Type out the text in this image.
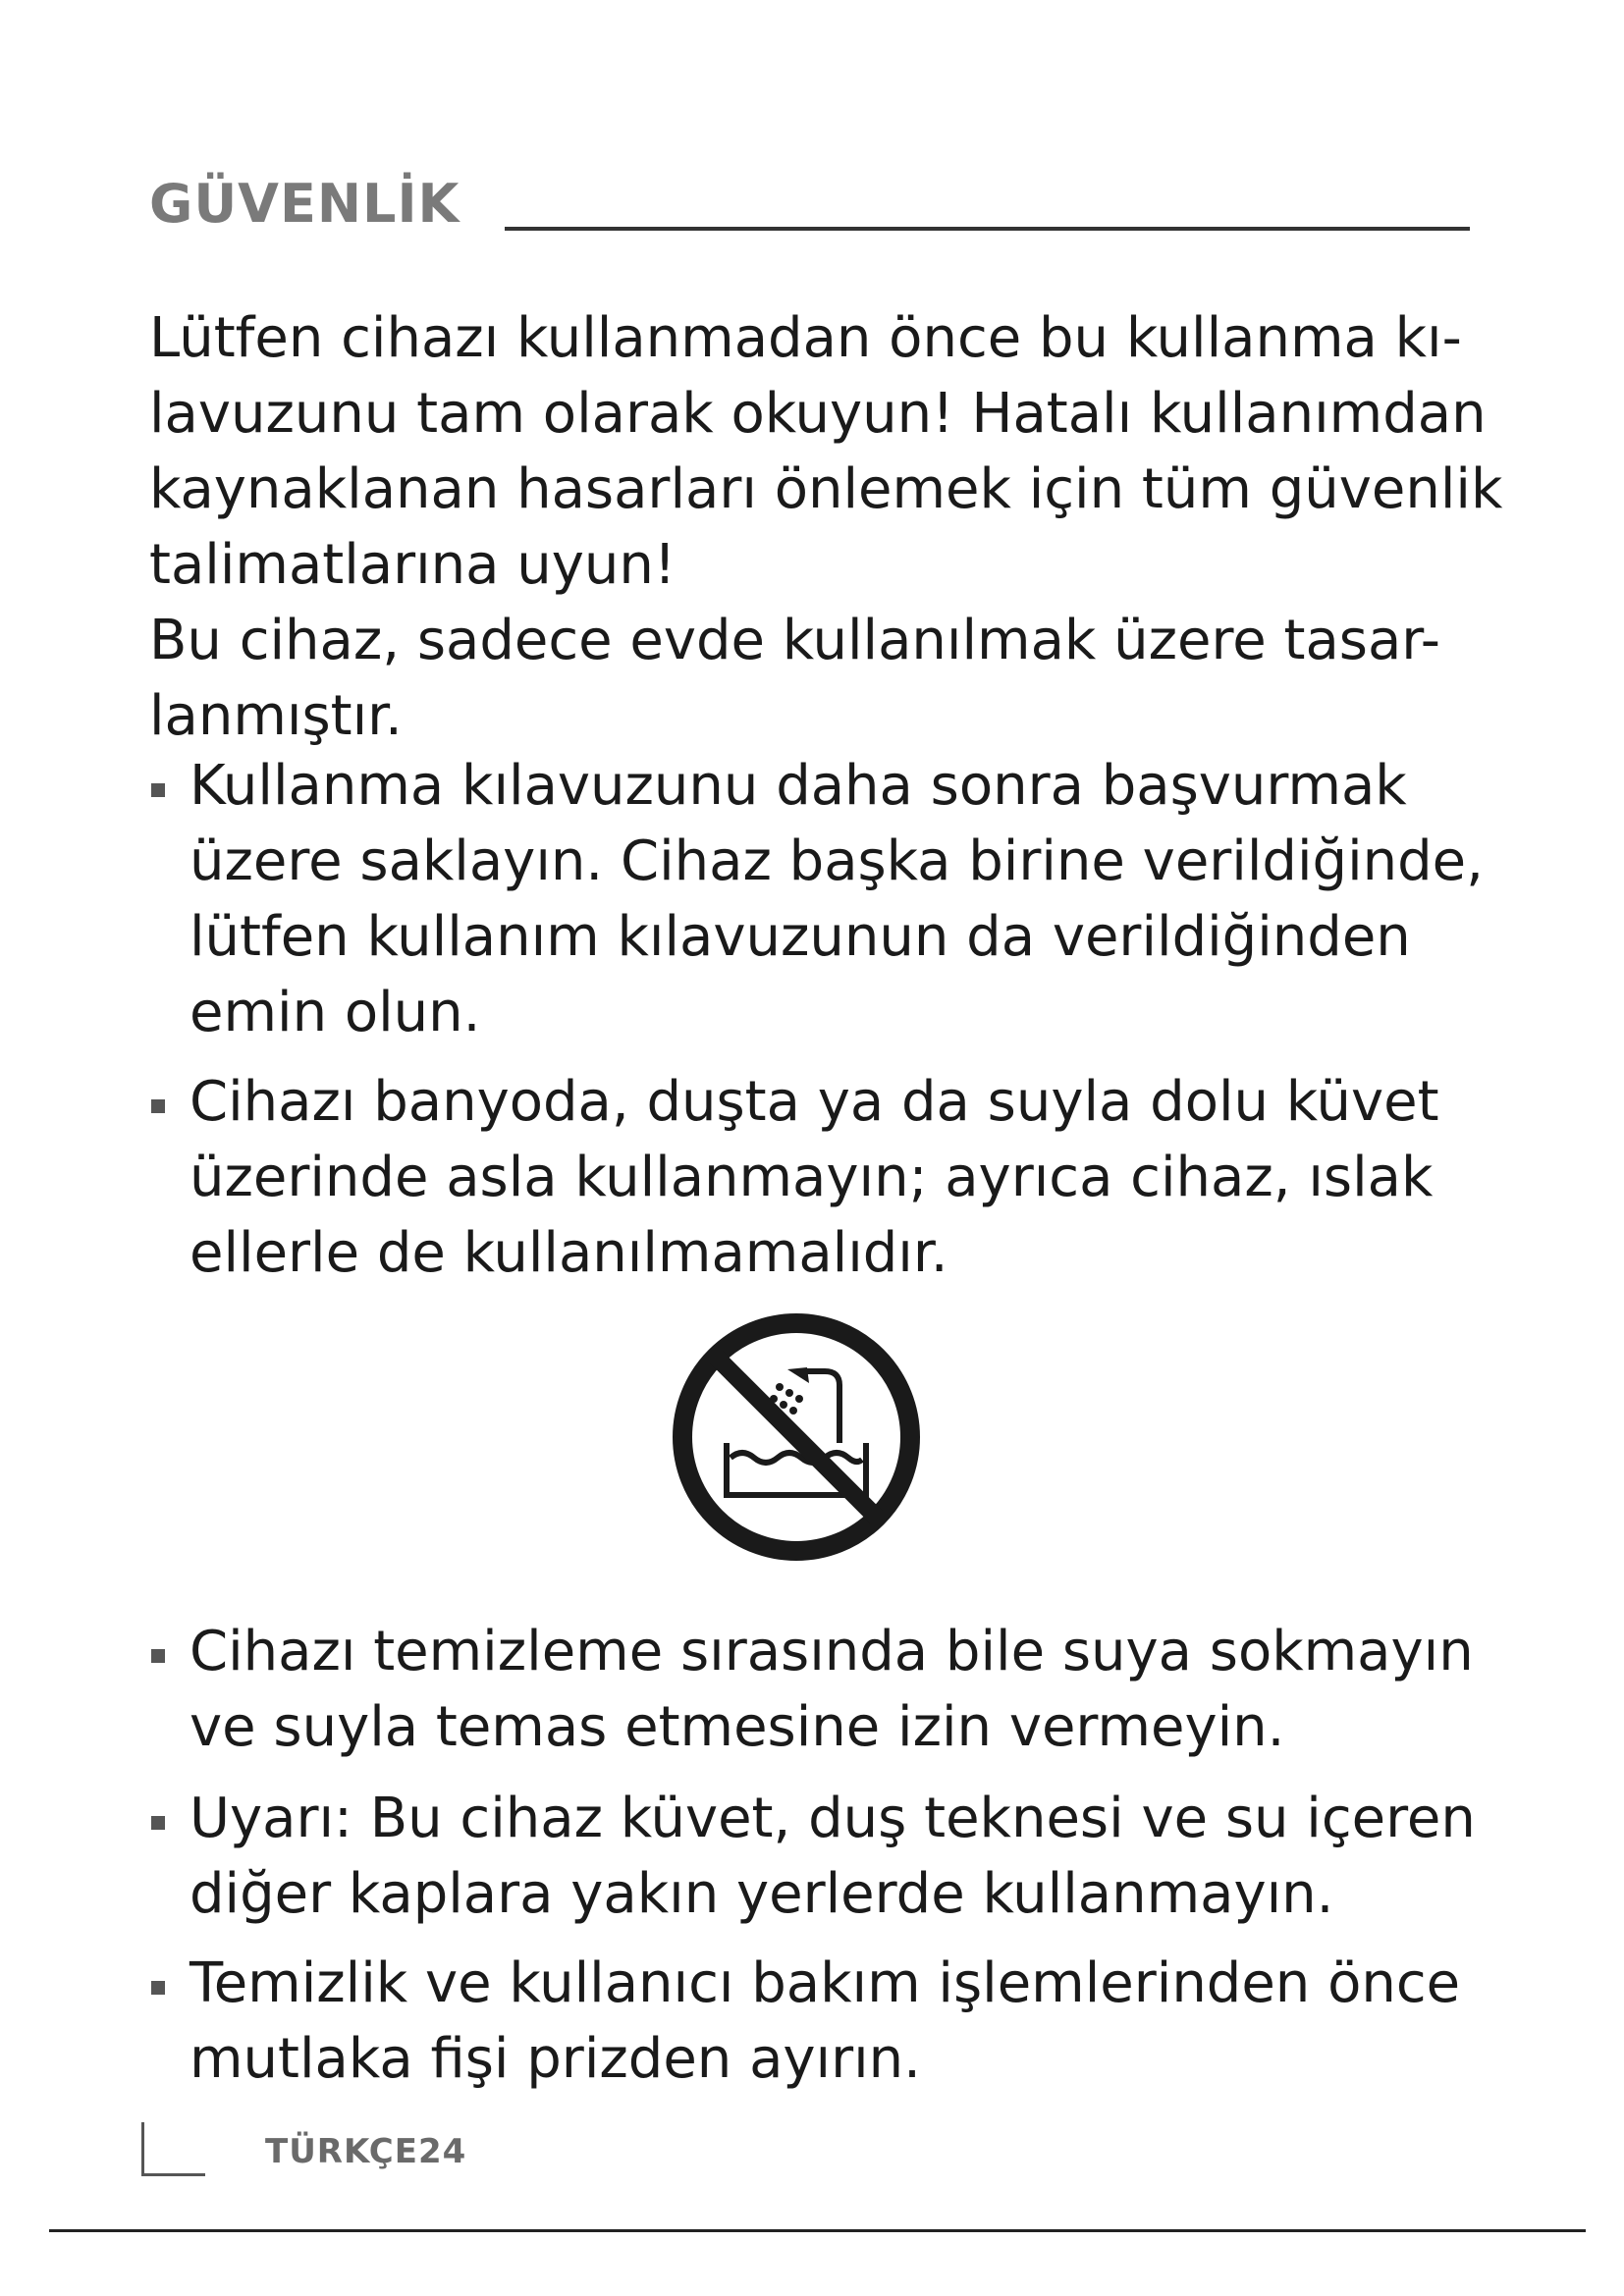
GÜVENLİK
Lütfen cihazı kullanmadan önce bu kullanma kı-
lavuzunu tam olarak okuyun! Hatalı kullanımdan
kaynaklanan hasarları önlemek için tüm güvenlik
talimatlarına uyun!
Bu cihaz, sadece evde kullanılmak üzere tasar-
lanmıştır.
Kullanma kılavuzunu daha sonra başvurmak
üzere saklayın. Cihaz başka birine verildiğinde,
lütfen kullanım kılavuzunun da verildiğinden
emin olun.
Cihazı banyoda, duşta ya da suyla dolu küvet
üzerinde asla kullanmayın; ayrıca cihaz, ıslak
ellerle de kullanılmamalıdır.
Cihazı temizleme sırasında bile suya sokmayın
ve suyla temas etmesine izin vermeyin.
Uyarı: Bu cihaz küvet, duş teknesi ve su içeren
diğer kaplara yakın yerlerde kullanmayın.
Temizlik ve kullanıcı bakım işlemlerinden önce
mutlaka fişi prizden ayırın.
TÜRKÇE24
